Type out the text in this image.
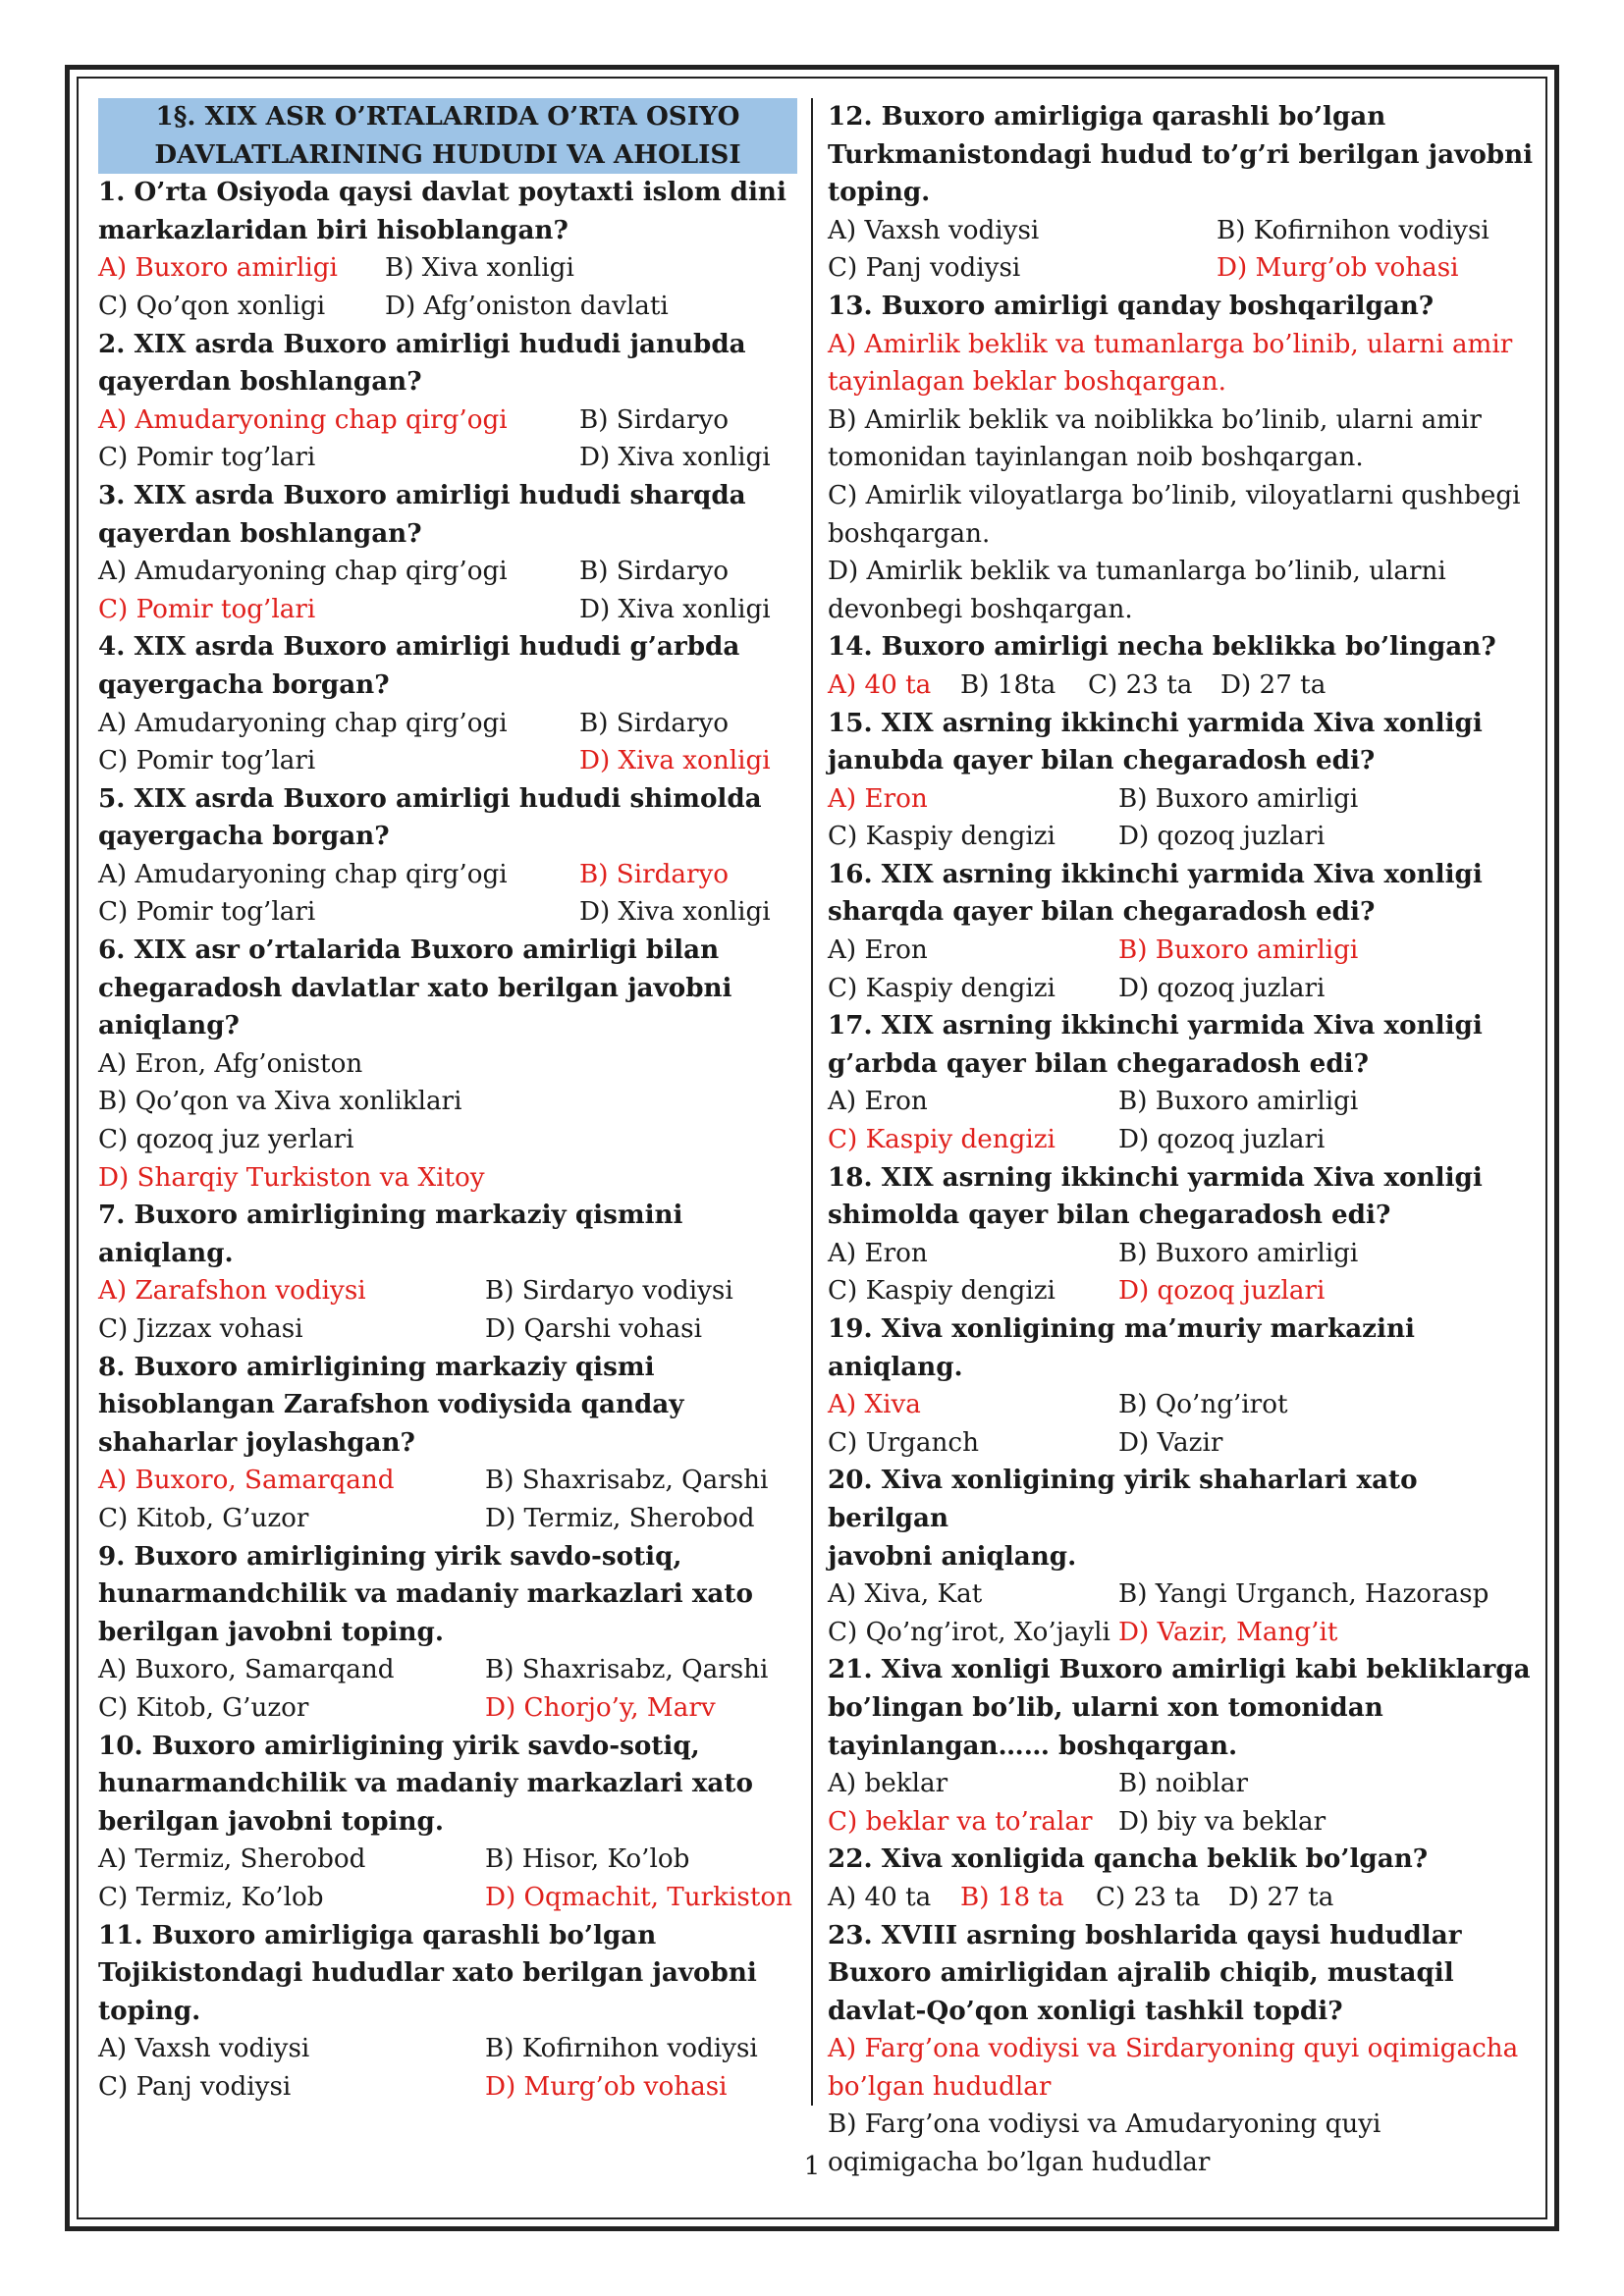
1§. XIX ASR O’RTALARIDA O’RTA OSIYO
DAVLATLARINING HUDUDI VA AHOLISI
1. O’rta Osiyoda qaysi davlat poytaxti islom dini
markazlaridan biri hisoblangan?
A) Buxoro amirligi	B) Xiva xonligi
C) Qo’qon xonligi	D) Afg’oniston davlati
2. XIX asrda Buxoro amirligi hududi janubda
qayerdan boshlangan?
A) Amudaryoning chap qirg’ogi	B) Sirdaryo
C) Pomir tog’lari	D) Xiva xonligi
3. XIX asrda Buxoro amirligi hududi sharqda
qayerdan boshlangan?
A) Amudaryoning chap qirg’ogi	B) Sirdaryo
C) Pomir tog’lari	D) Xiva xonligi
4. XIX asrda Buxoro amirligi hududi g’arbda
qayergacha borgan?
A) Amudaryoning chap qirg’ogi	B) Sirdaryo
C) Pomir tog’lari	D) Xiva xonligi
5. XIX asrda Buxoro amirligi hududi shimolda
qayergacha borgan?
A) Amudaryoning chap qirg’ogi	B) Sirdaryo
C) Pomir tog’lari	D) Xiva xonligi
6. XIX asr o’rtalarida Buxoro amirligi bilan
chegaradosh davlatlar xato berilgan javobni
aniqlang?
A) Eron, Afg’oniston
B) Qo’qon va Xiva xonliklari
C) qozoq juz yerlari
D) Sharqiy Turkiston va Xitoy
7. Buxoro amirligining markaziy qismini aniqlang.
A) Zarafshon vodiysi	B) Sirdaryo vodiysi
C) Jizzax vohasi	D) Qarshi vohasi
8. Buxoro amirligining markaziy qismi
hisoblangan Zarafshon vodiysida qanday
shaharlar joylashgan?
A) Buxoro, Samarqand	B) Shaxrisabz, Qarshi
C) Kitob, G’uzor	D) Termiz, Sherobod
9. Buxoro amirligining yirik savdo-sotiq,
hunarmandchilik va madaniy markazlari xato
berilgan javobni toping.
A) Buxoro, Samarqand	B) Shaxrisabz, Qarshi
C) Kitob, G’uzor	D) Chorjo’y, Marv
10. Buxoro amirligining yirik savdo-sotiq,
hunarmandchilik va madaniy markazlari xato
berilgan javobni toping.
A) Termiz, Sherobod	B) Hisor, Ko’lob
C) Termiz, Ko’lob	D) Oqmachit, Turkiston
11. Buxoro amirligiga qarashli bo’lgan
Tojikistondagi hududlar xato berilgan javobni
toping.
A) Vaxsh vodiysi	B) Kofirnihon vodiysi
C) Panj vodiysi	D) Murg’ob vohasi
12. Buxoro amirligiga qarashli bo’lgan
Turkmanistondagi hudud to’g’ri berilgan javobni
toping.
A) Vaxsh vodiysi	B) Kofirnihon vodiysi
C) Panj vodiysi	D) Murg’ob vohasi
13. Buxoro amirligi qanday boshqarilgan?
A) Amirlik beklik va tumanlarga bo’linib, ularni amir
tayinlagan beklar boshqargan.
B) Amirlik beklik va noiblikka bo’linib, ularni amir
tomonidan tayinlangan noib boshqargan.
C) Amirlik viloyatlarga bo’linib, viloyatlarni qushbegi
boshqargan.
D) Amirlik beklik va tumanlarga bo’linib, ularni
devonbegi boshqargan.
14. Buxoro amirligi necha beklikka bo’lingan?
A) 40 ta	B) 18ta	C) 23 ta	D) 27 ta
15. XIX asrning ikkinchi yarmida Xiva xonligi
janubda qayer bilan chegaradosh edi?
A) Eron	B) Buxoro amirligi
C) Kaspiy dengizi	D) qozoq juzlari
16. XIX asrning ikkinchi yarmida Xiva xonligi
sharqda qayer bilan chegaradosh edi?
A) Eron	B) Buxoro amirligi
C) Kaspiy dengizi	D) qozoq juzlari
17. XIX asrning ikkinchi yarmida Xiva xonligi
g’arbda qayer bilan chegaradosh edi?
A) Eron	B) Buxoro amirligi
C) Kaspiy dengizi	D) qozoq juzlari
18. XIX asrning ikkinchi yarmida Xiva xonligi
shimolda qayer bilan chegaradosh edi?
A) Eron	B) Buxoro amirligi
C) Kaspiy dengizi	D) qozoq juzlari
19. Xiva xonligining ma’muriy markazini aniqlang.
A) Xiva	B) Qo’ng’irot
C) Urganch	D) Vazir
20. Xiva xonligining yirik shaharlari xato berilgan
javobni aniqlang.
A) Xiva, Kat	B) Yangi Urganch, Hazorasp
C) Qo’ng’irot, Xo’jayli D) Vazir, Mang’it
21. Xiva xonligi Buxoro amirligi kabi bekliklarga
bo’lingan bo’lib, ularni xon tomonidan
tayinlangan…… boshqargan.
A) beklar	B) noiblar
C) beklar va to’ralar	D) biy va beklar
22. Xiva xonligida qancha beklik bo’lgan?
A) 40 ta	B) 18 ta	C) 23 ta	D) 27 ta
23. XVIII asrning boshlarida qaysi hududlar
Buxoro amirligidan ajralib chiqib, mustaqil
davlat-Qo’qon xonligi tashkil topdi?
A) Farg’ona vodiysi va Sirdaryoning quyi oqimigacha
bo’lgan hududlar
B) Farg’ona vodiysi va Amudaryoning quyi
oqimigacha bo’lgan hududlar
1
